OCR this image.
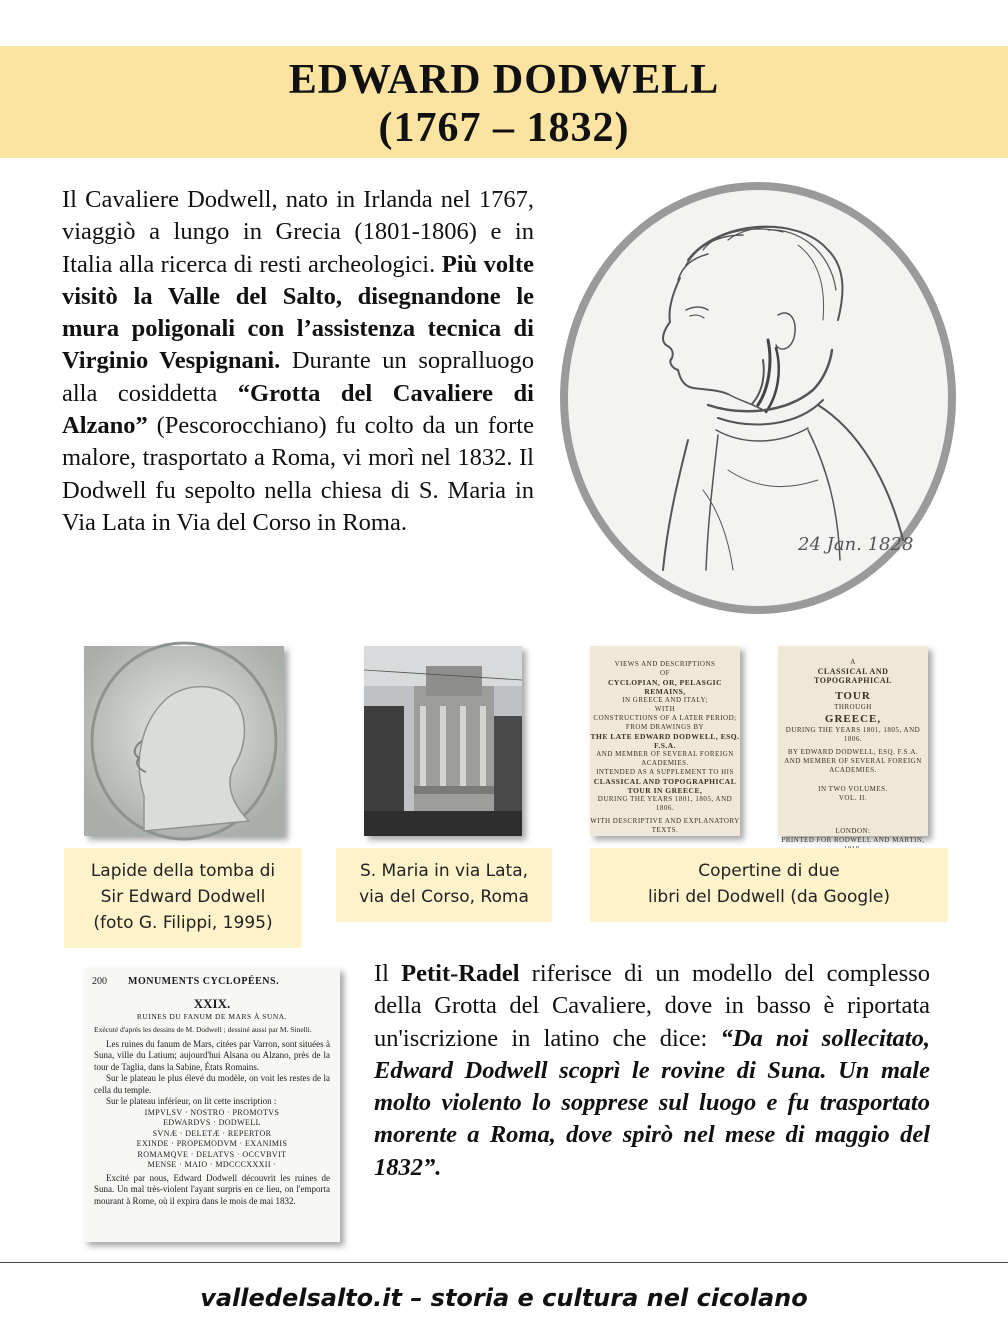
EDWARD DODWELL
(1767 – 1832)
Il Cavaliere Dodwell, nato in Irlanda nel 1767, viaggiò a lungo in Grecia (1801-1806) e in Italia alla ricerca di resti archeologici. Più volte visitò la Valle del Salto, disegnandone le mura poligonali con l’assistenza tecnica di Virginio Vespignani. Durante un sopralluogo alla cosiddetta “Grotta del Cavaliere di Alzano” (Pescorocchiano) fu colto da un forte malore, trasportato a Roma, vi morì nel 1832. Il Dodwell fu sepolto nella chiesa di S. Maria in Via Lata in Via del Corso in Roma.
24 Jan. 1828
VIEWS AND DESCRIPTIONS
OF
CYCLOPIAN, OR, PELASGIC REMAINS,
IN GREECE AND ITALY;
WITH
CONSTRUCTIONS OF A LATER PERIOD;
FROM DRAWINGS BY
THE LATE EDWARD DODWELL, ESQ. F.S.A.
AND MEMBER OF SEVERAL FOREIGN ACADEMIES.
INTENDED AS A SUPPLEMENT TO HIS
CLASSICAL AND TOPOGRAPHICAL TOUR IN GREECE,
DURING THE YEARS 1801, 1805, AND 1806.
WITH DESCRIPTIVE AND EXPLANATORY TEXTS.
A
CLASSICAL AND TOPOGRAPHICAL
TOUR
THROUGH
GREECE,
DURING THE YEARS 1801, 1805, AND 1806.
BY EDWARD DODWELL, ESQ. F.S.A.
AND MEMBER OF SEVERAL FOREIGN ACADEMIES.
IN TWO VOLUMES.
VOL. II.
LONDON:
PRINTED FOR RODWELL AND MARTIN,
Lapide della tomba di
Sir Edward Dodwell
(foto G. Filippi, 1995)
S. Maria in via Lata,
via del Corso, Roma
Copertine di due
libri del Dodwell (da Google)
200 MONUMENTS CYCLOPÉENS.
XXIX.
RUINES DU FANUM DE MARS À SUNA.
Exécuté d'après les dessins de M. Dodwell ; dessiné aussi par M. Sinelli.
Les ruines du fanum de Mars, citées par Varron, sont situées à Suna, ville du Latium; aujourd'hui Alsana ou Alzano, près de la tour de Taglia, dans la Sabine, États Romains.
Sur le plateau le plus élevé du modèle, on voit les restes de la cella du temple.
Sur le plateau inférieur, on lit cette inscription :
IMPVLSV · NOSTRO · PROMOTVS
EDWARDVS · DODWELL
SVNÆ · DELETÆ · REPERTOR
EXINDE · PROPEMODVM · EXANIMIS
ROMAMQVE · DELATVS · OCCVBVIT
MENSE · MAIO · MDCCCXXXII ·
Excité par nous, Edward Dodwell découvrit les ruines de Suna. Un mal très-violent l'ayant surpris en ce lieu, on l'emporta mourant à Rome, où il expira dans le mois de mai 1832.
Il Petit-Radel riferisce di un modello del complesso della Grotta del Cavaliere, dove in basso è riportata un'iscrizione in latino che dice: “Da noi sollecitato, Edward Dodwell scoprì le rovine di Suna. Un male molto violento lo sopprese sul luogo e fu trasportato morente a Roma, dove spirò nel mese di maggio del 1832”.
valledelsalto.it – storia e cultura nel cicolano
